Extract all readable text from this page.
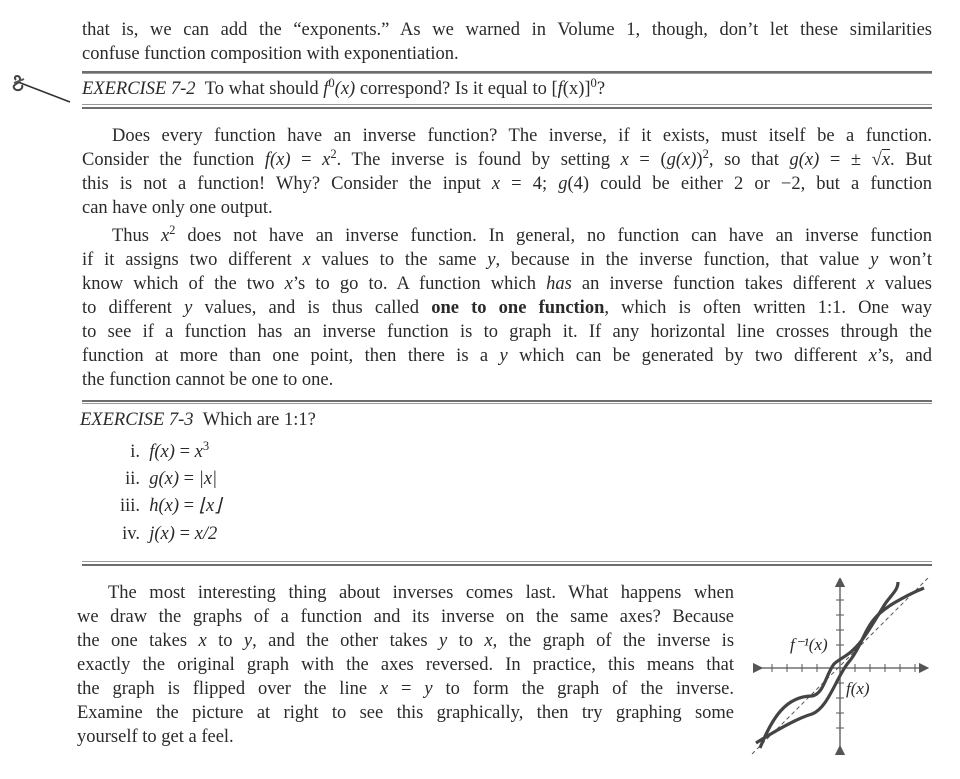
that is, we can add the “exponents.” As we warned in Volume 1, though, don’t let these similarities
confuse function composition with exponentiation.
EXERCISE 7-2 To what should $f^0(x)$ correspond? Is it equal to $[f(x)]^0$?
Does every function have an inverse function? The inverse, if it exists, must itself be a function.
Consider the function $f(x) = x^2$. The inverse is found by setting $x = (g(x))^2$, so that g(x) = ± √x. But
this is not a function! Why? Consider the input x = 4; g(4) could be either 2 or −2, but a function
can have only one output.
Thus $x^2$ does not have an inverse function. In general, no function can have an inverse function
if it assigns two different x values to the same y, because in the inverse function, that value y won’t
know which of the two x’s to go to. A function which has an inverse function takes different x values
to different y values, and is thus called one to one function, which is often written 1:1. One way
to see if a function has an inverse function is to graph it. If any horizontal line crosses through the
function at more than one point, then there is a y which can be generated by two different x’s, and
the function cannot be one to one.
EXERCISE 7-3 Which are 1:1?
i. $f(x) = x^3$
ii. g(x) = |x|
iii. h(x) = ⌊x⌋
iv. j(x) = x/2
The most interesting thing about inverses comes last. What happens when
we draw the graphs of a function and its inverse on the same axes? Because
the one takes x to y, and the other takes y to x, the graph of the inverse is
exactly the original graph with the axes reversed. In practice, this means that
the graph is flipped over the line x = y to form the graph of the inverse.
Examine the picture at right to see this graphically, then try graphing some
yourself to get a feel.
f⁻¹(x)
f(x)
